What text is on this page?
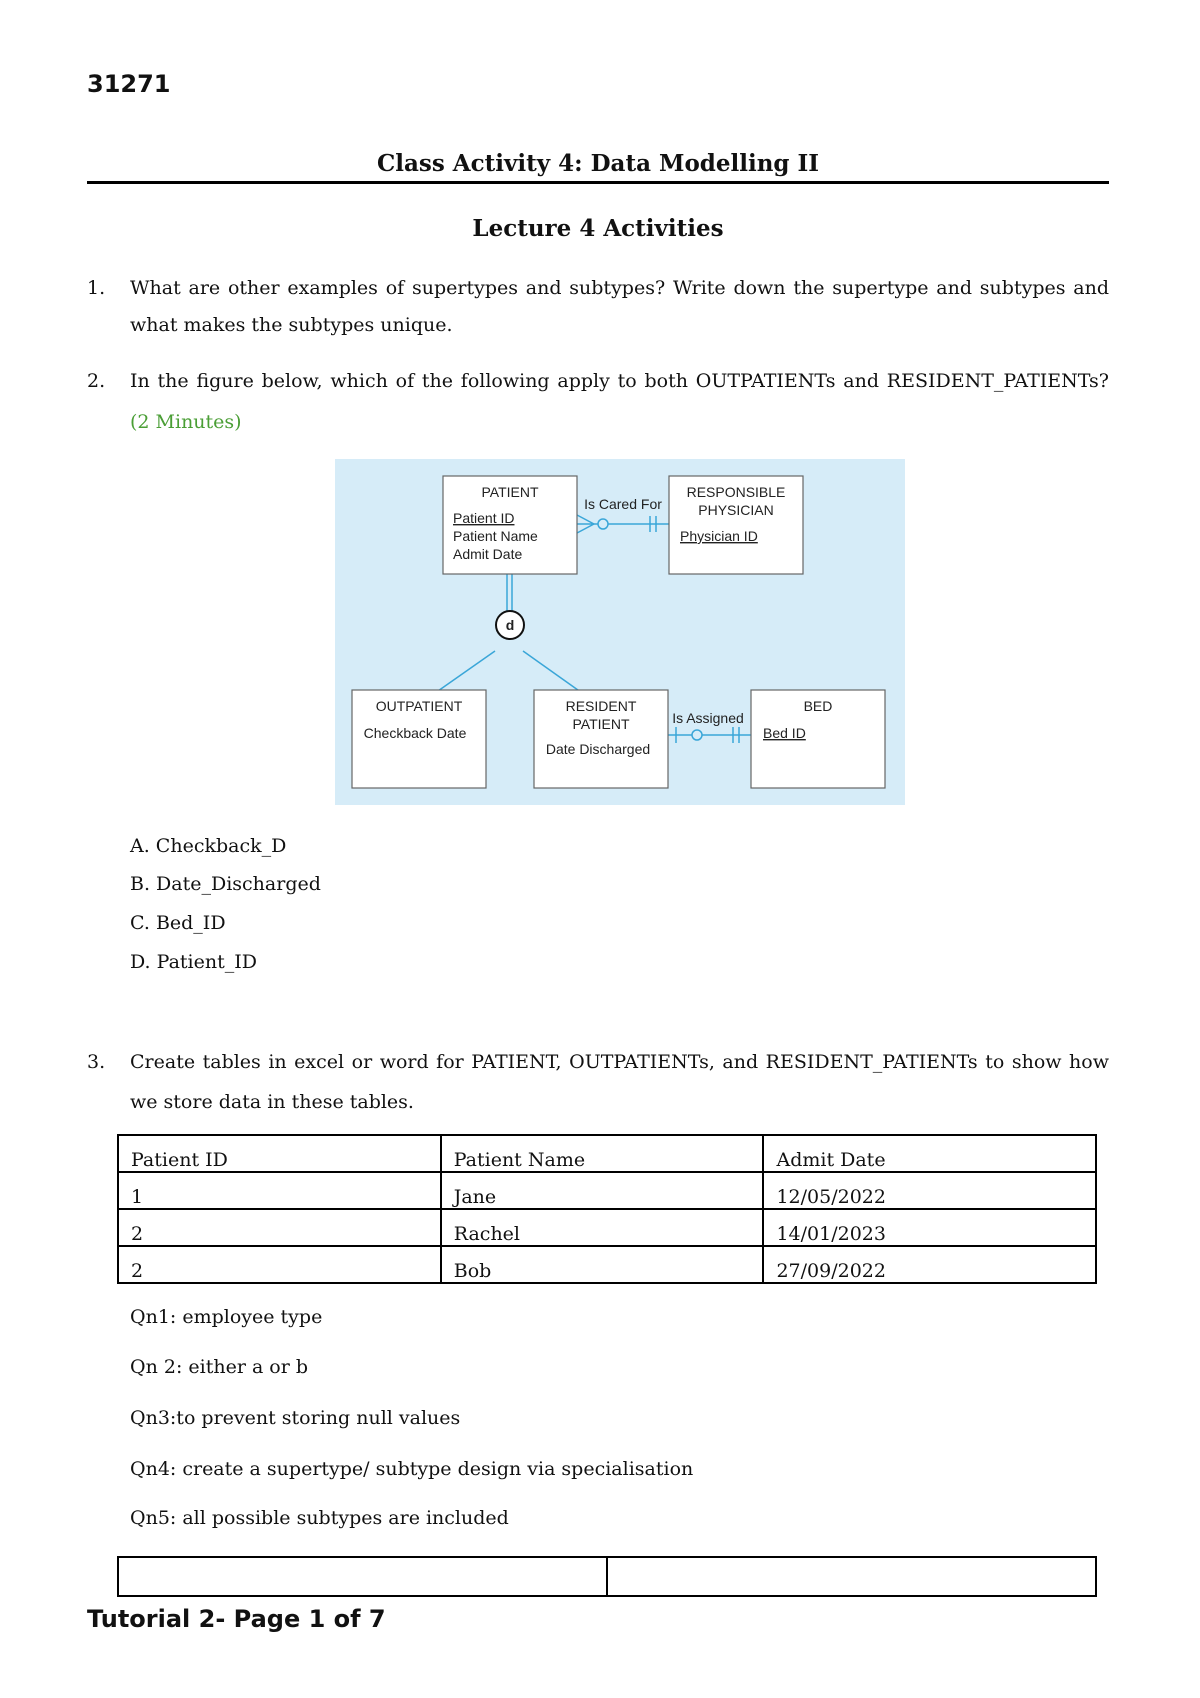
31271
Class Activity 4: Data Modelling II
Lecture 4 Activities
1. What are other examples of supertypes and subtypes? Write down the supertype and subtypes and what makes the subtypes unique.
2. In the figure below, which of the following apply to both OUTPATIENTs and RESIDENT_PATIENTs? (2 Minutes)
d
PATIENT
Patient ID
Patient Name
Admit Date
Is Cared For
RESPONSIBLE
PHYSICIAN
Physician ID
OUTPATIENT
Checkback Date
RESIDENT
PATIENT
Date Discharged
Is Assigned
BED
Bed ID
A. Checkback_D
B. Date_Discharged
C. Bed_ID
D. Patient_ID
3. Create tables in excel or word for PATIENT, OUTPATIENTs, and RESIDENT_PATIENTs to show how we store data in these tables.
Patient ID	Patient Name	Admit Date
1	Jane	12/05/2022
2	Rachel	14/01/2023
2	Bob	27/09/2022
Qn1: employee type
Qn 2: either a or b
Qn3:to prevent storing null values
Qn4: create a supertype/ subtype design via specialisation
Qn5: all possible subtypes are included

Tutorial 2- Page 1 of 7
